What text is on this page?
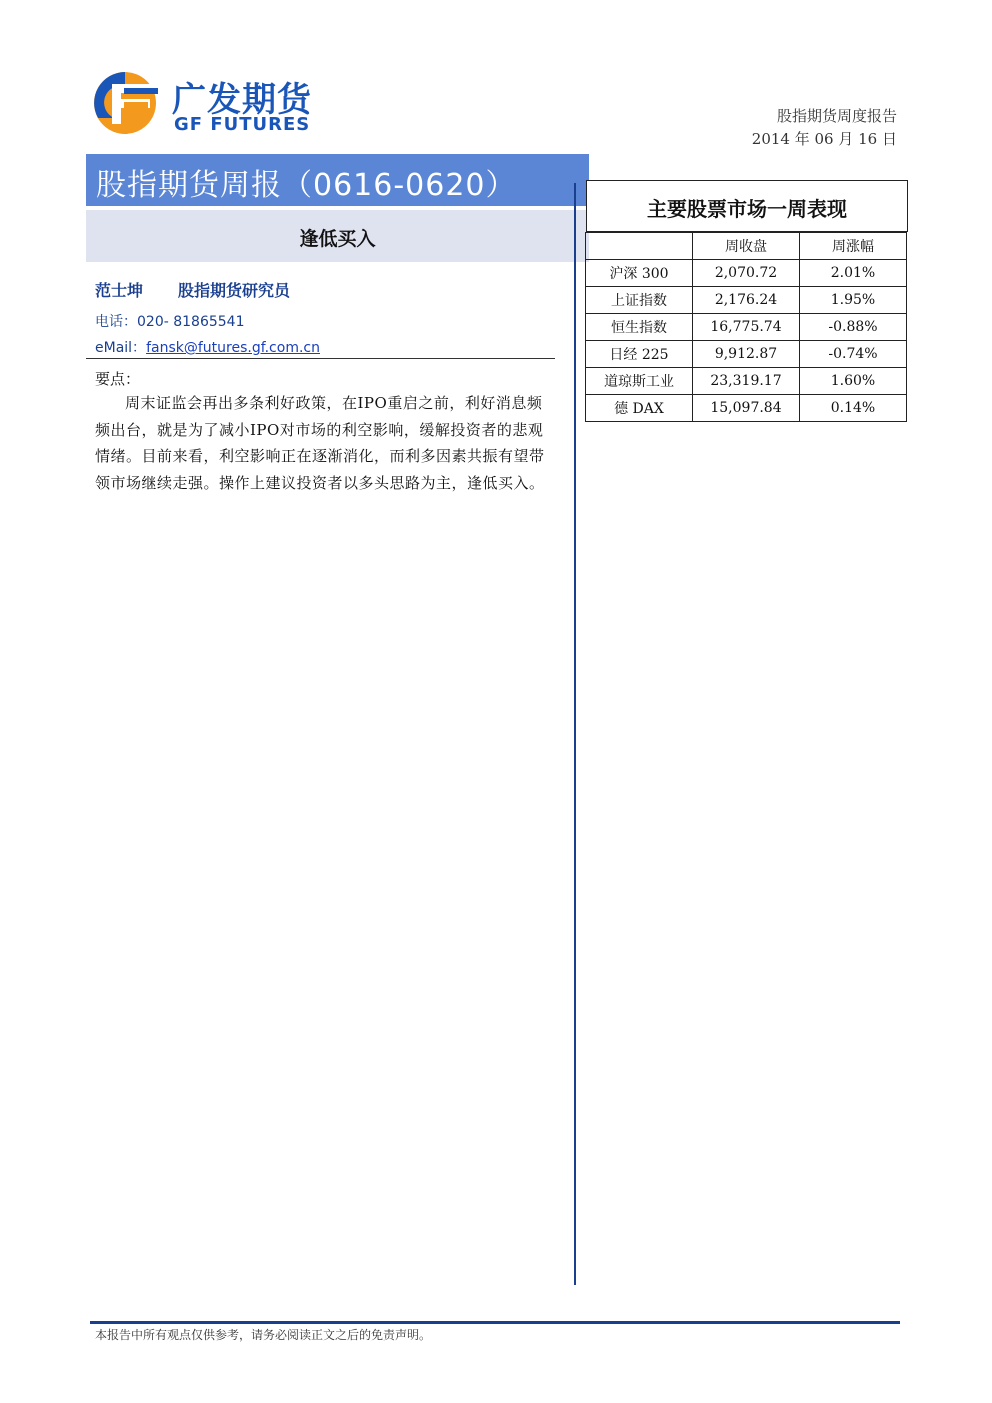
广发期货
GF FUTURES	股指期货周度报告
2014 年 06 月 16 日
股指期货周报（0616-0620）
逢低买入
范士坤 股指期货研究员
电话：020- 81865541
eMail：fansk@futures.gf.com.cn
要点：
周末证监会再出多条利好政策，在IPO重启之前，利好消息频频出台，就是为了减小IPO对市场的利空影响，缓解投资者的悲观情绪。目前来看，利空影响正在逐渐消化，而利多因素共振有望带领市场继续走强。操作上建议投资者以多头思路为主，逢低买入。
主要股票市场一周表现
	周收盘	周涨幅
沪深 300	2,070.72	2.01%
上证指数	2,176.24	1.95%
恒生指数	16,775.74	-0.88%
日经 225	9,912.87	-0.74%
道琼斯工业	23,319.17	1.60%
德 DAX	15,097.84	0.14%
本报告中所有观点仅供参考，请务必阅读正文之后的免责声明。
